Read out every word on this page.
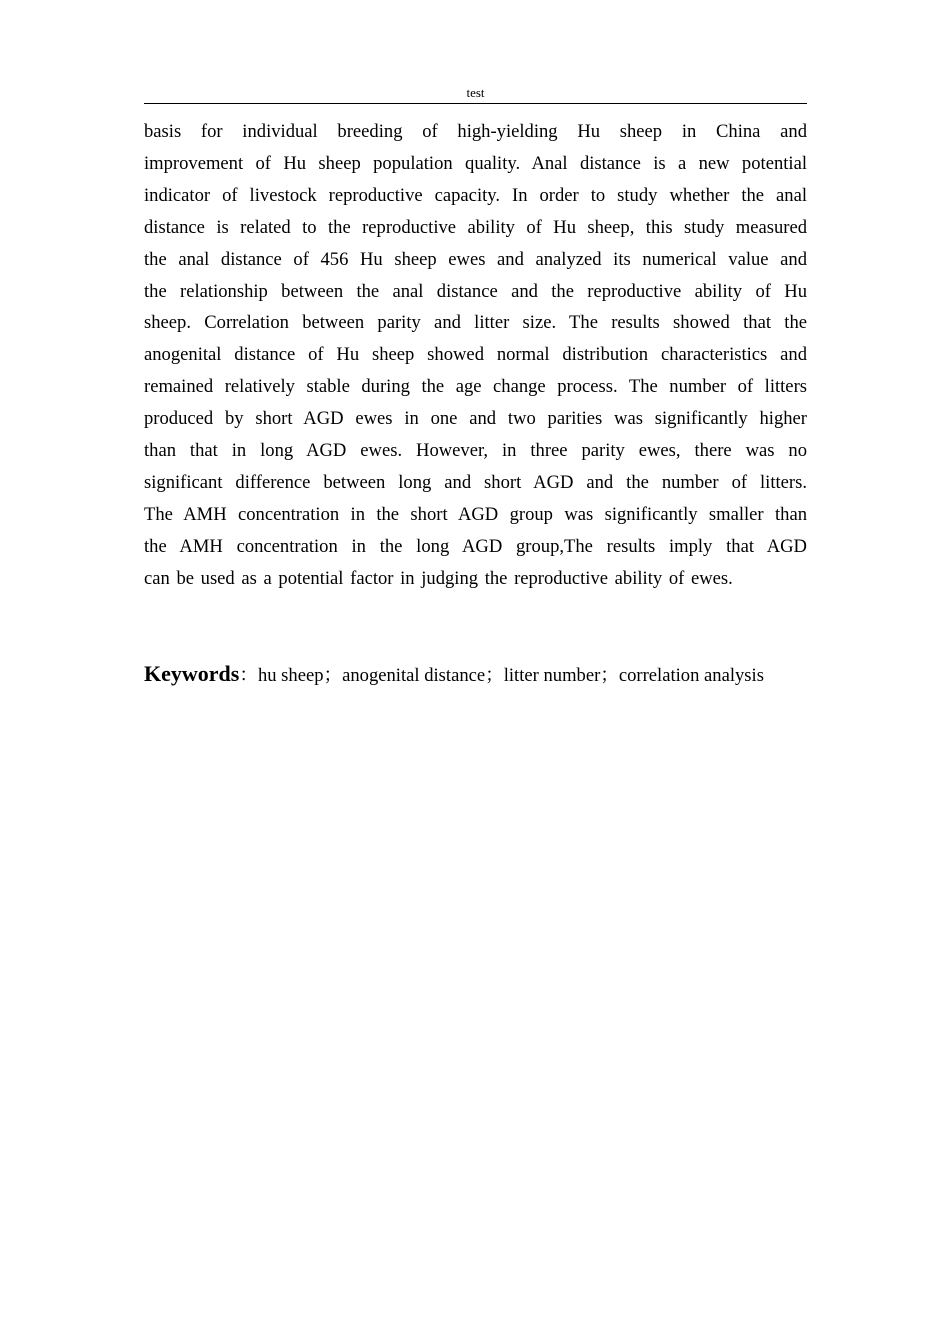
test
basis for individual breeding of high-yielding Hu sheep in China and
improvement of Hu sheep population quality. Anal distance is a new potential
indicator of livestock reproductive capacity. In order to study whether the anal
distance is related to the reproductive ability of Hu sheep, this study measured
the anal distance of 456 Hu sheep ewes and analyzed its numerical value and
the relationship between the anal distance and the reproductive ability of Hu
sheep. Correlation between parity and litter size. The results showed that the
anogenital distance of Hu sheep showed normal distribution characteristics and
remained relatively stable during the age change process. The number of litters
produced by short AGD ewes in one and two parities was significantly higher
than that in long AGD ewes. However, in three parity ewes, there was no
significant difference between long and short AGD and the number of litters.
The AMH concentration in the short AGD group was significantly smaller than
the AMH concentration in the long AGD group,The results imply that AGD
can be used as a potential factor in judging the reproductive ability of ewes.
Keywords：hu sheep；anogenital distance；litter number；correlation analysis
